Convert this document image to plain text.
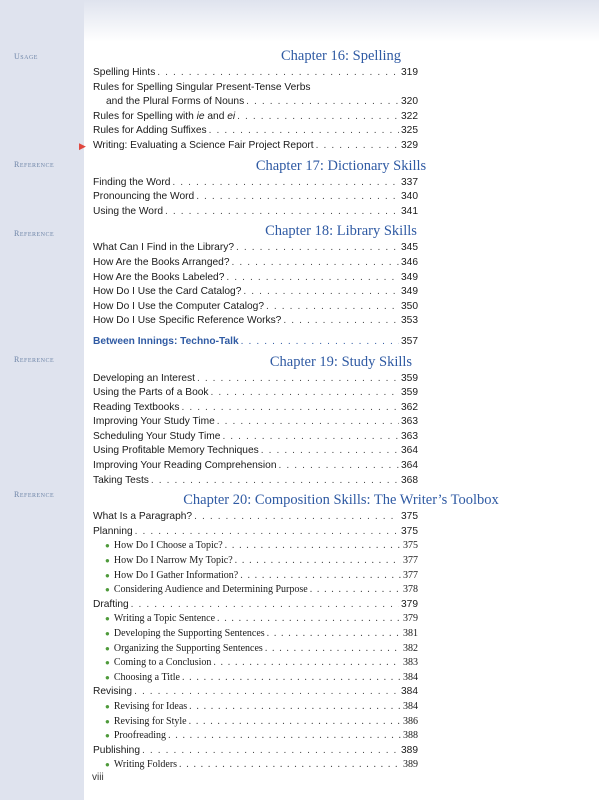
Usage
Reference
Reference
Reference
Reference
Chapter 16: Spelling
Spelling Hints . . .	319
Rules for Spelling Singular Present-Tense Verbs
and the Plural Forms of Nouns . . .	320
Rules for Spelling with ie and ei . . .	322
Rules for Adding Suffixes . . .	325
▶ Writing: Evaluating a Science Fair Project Report . . .	329
Chapter 17: Dictionary Skills
Finding the Word . . .	337
Pronouncing the Word . . .	340
Using the Word . . .	341
Chapter 18: Library Skills
What Can I Find in the Library? . . .	345
How Are the Books Arranged? . . .	346
How Are the Books Labeled? . . .	349
How Do I Use the Card Catalog? . . .	349
How Do I Use the Computer Catalog? . . .	350
How Do I Use Specific Reference Works? . . .	353
Between Innings: Techno-Talk . . .	357
Chapter 19: Study Skills
Developing an Interest . . .	359
Using the Parts of a Book . . .	359
Reading Textbooks . . .	362
Improving Your Study Time . . .	363
Scheduling Your Study Time . . .	363
Using Profitable Memory Techniques . . .	364
Improving Your Reading Comprehension . . .	364
Taking Tests . . .	368
Chapter 20: Composition Skills: The Writer’s Toolbox
What Is a Paragraph? . . .	375
Planning . . .	375
● How Do I Choose a Topic? . . .	375
● How Do I Narrow My Topic? . . .	377
● How Do I Gather Information? . . .	377
● Considering Audience and Determining Purpose . . .	378
Drafting . . .	379
● Writing a Topic Sentence . . .	379
● Developing the Supporting Sentences . . .	381
● Organizing the Supporting Sentences . . .	382
● Coming to a Conclusion . . .	383
● Choosing a Title . . .	384
Revising . . .	384
● Revising for Ideas . . .	384
● Revising for Style . . .	386
● Proofreading . . .	388
Publishing . . .	389
● Writing Folders . . .	389
viii
